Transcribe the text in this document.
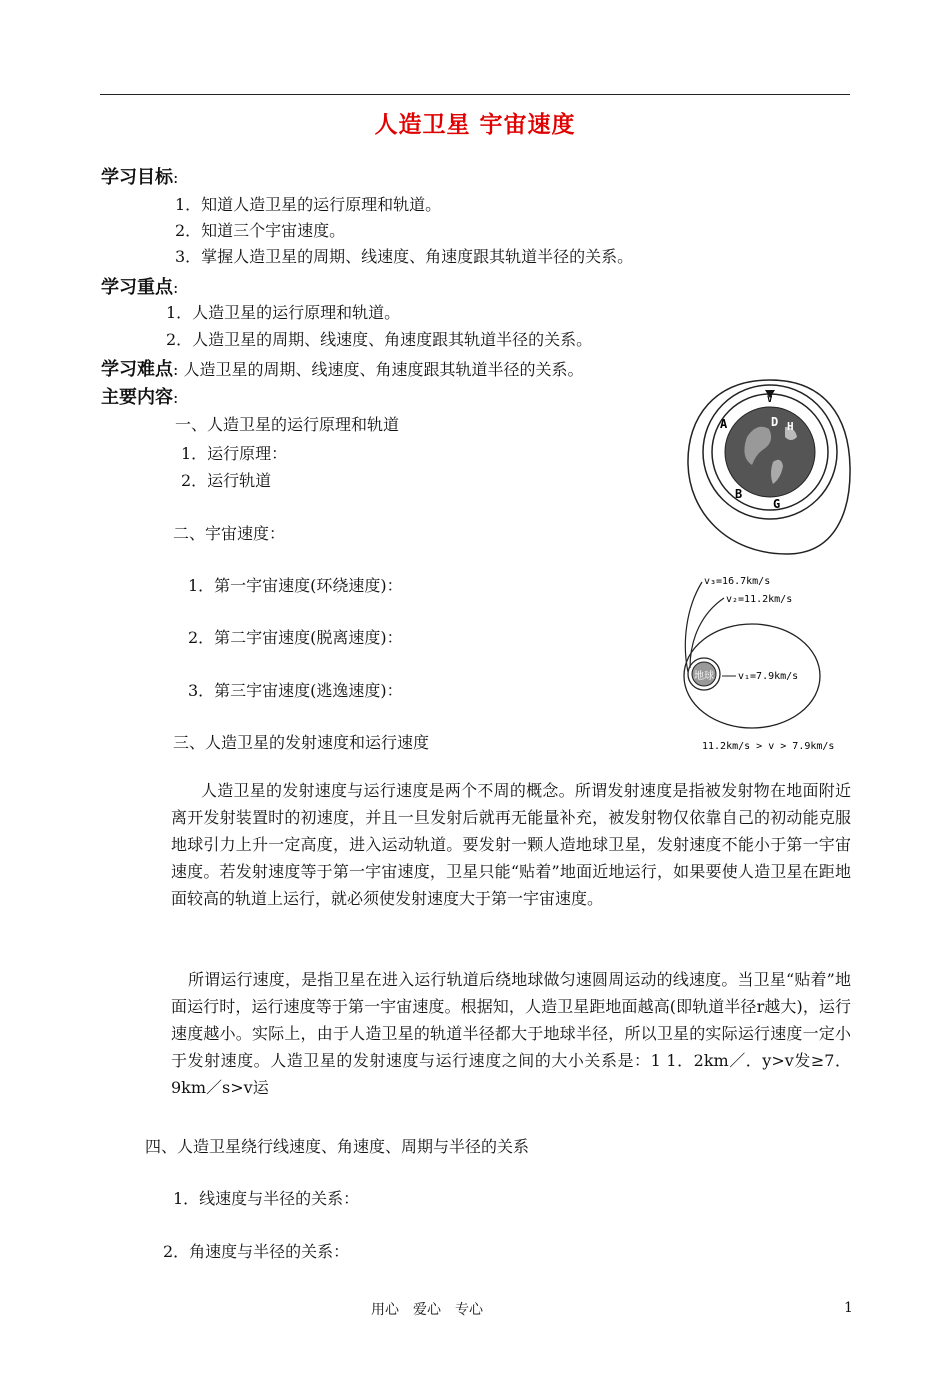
人造卫星 宇宙速度
学习目标:
1．知道人造卫星的运行原理和轨道。
2．知道三个宇宙速度。
3．掌握人造卫星的周期、线速度、角速度跟其轨道半径的关系。
学习重点:
1．人造卫星的运行原理和轨道。
2．人造卫星的周期、线速度、角速度跟其轨道半径的关系。
学习难点: 人造卫星的周期、线速度、角速度跟其轨道半径的关系。
主要内容:
一、人造卫星的运行原理和轨道
1．运行原理：
2．运行轨道
二、宇宙速度：
1．第一宇宙速度(环绕速度)：
2．第二宇宙速度(脱离速度)：
3．第三宇宙速度(逃逸速度)：
三、人造卫星的发射速度和运行速度
人造卫星的发射速度与运行速度是两个不周的概念。所谓发射速度是指被发射物在地面附近离开发射装置时的初速度，并且一旦发射后就再无能量补充，被发射物仅依靠自己的初动能克服地球引力上升一定高度，进入运动轨道。要发射一颗人造地球卫星，发射速度不能小于第一宇宙速度。若发射速度等于第一宇宙速度，卫星只能“贴着”地面近地运行，如果要使人造卫星在距地面较高的轨道上运行，就必须使发射速度大于第一宇宙速度。
所谓运行速度，是指卫星在进入运行轨道后绕地球做匀速圆周运动的线速度。当卫星“贴着”地面运行时，运行速度等于第一宇宙速度。根据知，人造卫星距地面越高(即轨道半径r越大)，运行速度越小。实际上，由于人造卫星的轨道半径都大于地球半径，所以卫星的实际运行速度一定小于发射速度。人造卫星的发射速度与运行速度之间的大小关系是：1 1．2km／．y>v发≥7．9km／s>v运
四、人造卫星绕行线速度、角速度、周期与半径的关系
1．线速度与半径的关系：
2．角速度与半径的关系：
V
A
B
G
D H
地球
v₃=16.7km/s
v₂=11.2km/s
v₁=7.9km/s
11.2km/s > v > 7.9km/s
用心　爱心　专心	1
